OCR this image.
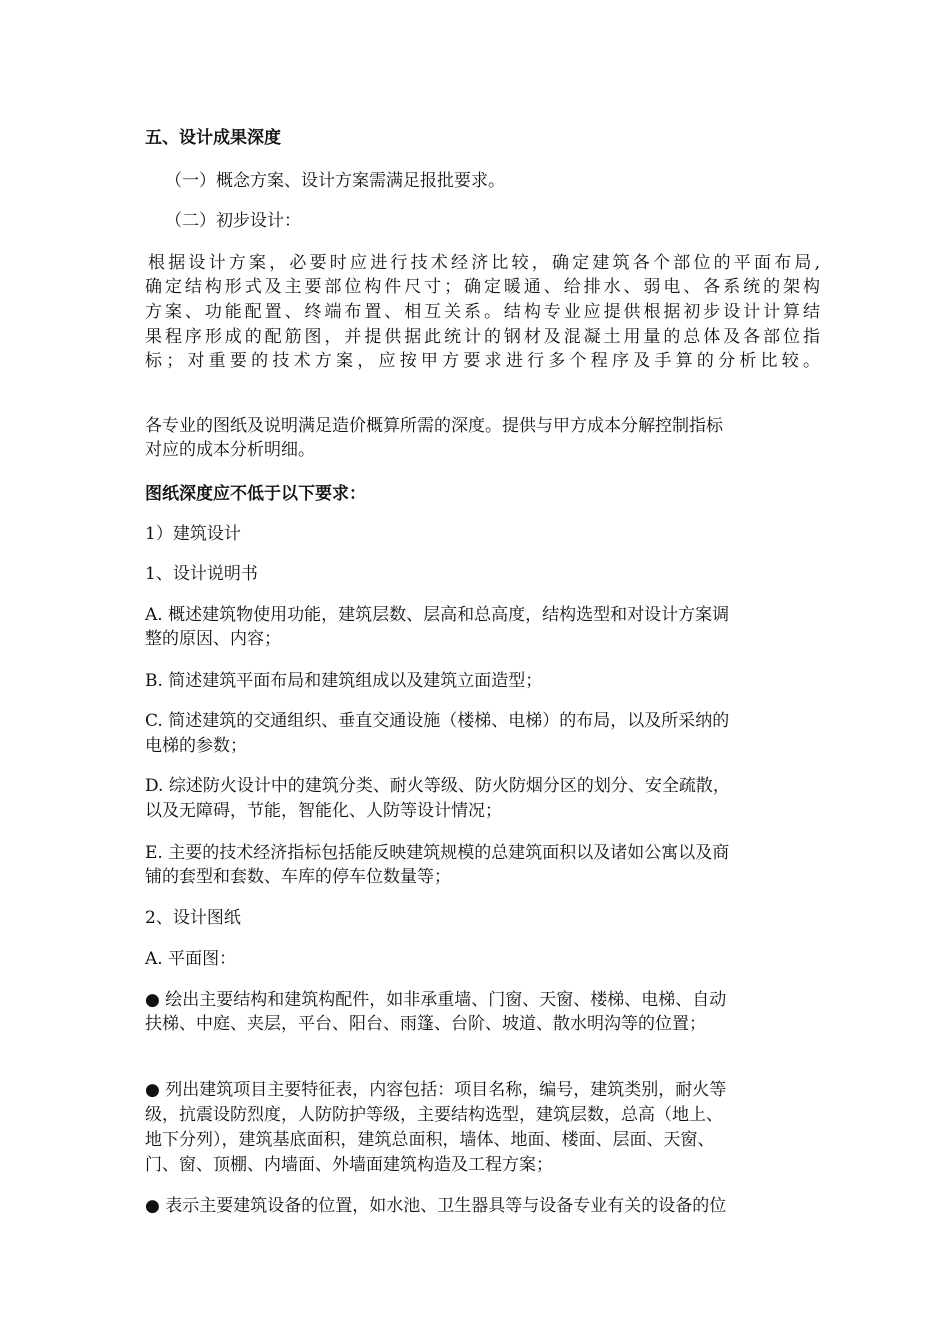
五、设计成果深度
（一）概念方案、设计方案需满足报批要求。
（二）初步设计：
根据设计方案，必要时应进行技术经济比较，确定建筑各个部位的平面布局,
确定结构形式及主要部位构件尺寸；确定暖通、给排水、弱电、各系统的架构
方案、功能配置、终端布置、相互关系。结构专业应提供根据初步设计计算结
果程序形成的配筋图，并提供据此统计的钢材及混凝土用量的总体及各部位指
标；对重要的技术方案，应按甲方要求进行多个程序及手算的分析比较。
各专业的图纸及说明满足造价概算所需的深度。提供与甲方成本分解控制指标
对应的成本分析明细。
图纸深度应不低于以下要求：
1）建筑设计
1、设计说明书
A. 概述建筑物使用功能，建筑层数、层高和总高度，结构选型和对设计方案调
整的原因、内容；
B. 简述建筑平面布局和建筑组成以及建筑立面造型；
C. 简述建筑的交通组织、垂直交通设施（楼梯、电梯）的布局，以及所采纳的
电梯的参数；
D. 综述防火设计中的建筑分类、耐火等级、防火防烟分区的划分、安全疏散，
以及无障碍，节能，智能化、人防等设计情况；
E. 主要的技术经济指标包括能反映建筑规模的总建筑面积以及诸如公寓以及商
铺的套型和套数、车库的停车位数量等；
2、设计图纸
A. 平面图：
● 绘出主要结构和建筑构配件，如非承重墙、门窗、天窗、楼梯、电梯、自动
扶梯、中庭、夹层，平台、阳台、雨篷、台阶、坡道、散水明沟等的位置；
● 列出建筑项目主要特征表，内容包括：项目名称，编号，建筑类别，耐火等
级，抗震设防烈度，人防防护等级，主要结构选型，建筑层数，总高（地上、
地下分列），建筑基底面积，建筑总面积，墙体、地面、楼面、层面、天窗、
门、窗、顶棚、内墙面、外墙面建筑构造及工程方案；
● 表示主要建筑设备的位置，如水池、卫生器具等与设备专业有关的设备的位
